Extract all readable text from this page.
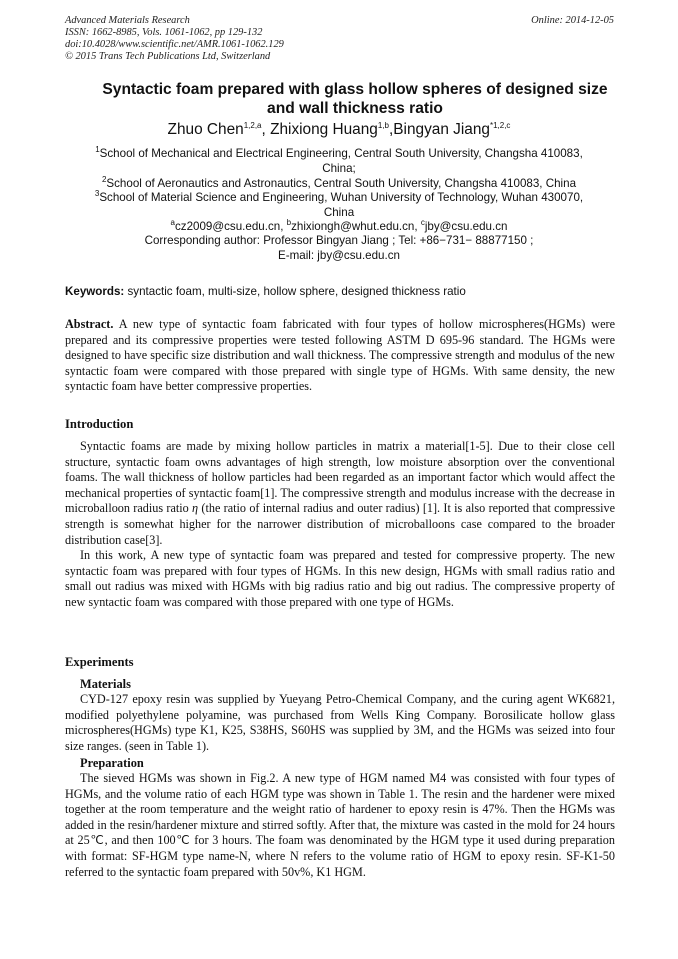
Advanced Materials Research
ISSN: 1662-8985, Vols. 1061-1062, pp 129-132
doi:10.4028/www.scientific.net/AMR.1061-1062.129
© 2015 Trans Tech Publications Ltd, Switzerland
Online: 2014-12-05
Syntactic foam prepared with glass hollow spheres of designed size
and wall thickness ratio
Zhuo Chen$^{1,2,a}$, Zhixiong Huang$^{1,b}$,Bingyan Jiang$^{*1,2,c}$
$^1$School of Mechanical and Electrical Engineering, Central South University, Changsha 410083,
China;
$^2$School of Aeronautics and Astronautics, Central South University, Changsha 410083, China
$^3$School of Material Science and Engineering, Wuhan University of Technology, Wuhan 430070,
China
$^a$cz2009@csu.edu.cn, $^b$zhixiongh@whut.edu.cn, $^c$jby@csu.edu.cn
Corresponding author: Professor Bingyan Jiang ; Tel: +86−731− 88877150 ;
E-mail: jby@csu.edu.cn
Keywords: syntactic foam, multi-size, hollow sphere, designed thickness ratio

Abstract. A new type of syntactic foam fabricated with four types of hollow microspheres(HGMs) were prepared and its compressive properties were tested following ASTM D 695-96 standard. The HGMs were designed to have specific size distribution and wall thickness. The compressive strength and modulus of the new syntactic foam were compared with those prepared with single type of HGMs. With same density, the new syntactic foam have better compressive properties.

Introduction

Syntactic foams are made by mixing hollow particles in matrix a material[1-5]. Due to their close cell structure, syntactic foam owns advantages of high strength, low moisture absorption over the conventional foams. The wall thickness of hollow particles had been regarded as an important factor which would affect the mechanical properties of syntactic foam[1]. The compressive strength and modulus increase with the decrease in microballoon radius ratio η (the ratio of internal radius and outer radius) [1]. It is also reported that compressive strength is somewhat higher for the narrower distribution of microballoons case compared to the broader distribution case[3].

In this work, A new type of syntactic foam was prepared and tested for compressive property. The new syntactic foam was prepared with four types of HGMs. In this new design, HGMs with small radius ratio and small out radius was mixed with HGMs with big radius ratio and big out radius. The compressive property of new syntactic foam was compared with those prepared with one type of HGMs.

Experiments
Materials

CYD-127 epoxy resin was supplied by Yueyang Petro-Chemical Company, and the curing agent WK6821, modified polyethylene polyamine, was purchased from Wells King Company. Borosilicate hollow glass microspheres(HGMs) type K1, K25, S38HS, S60HS was supplied by 3M, and the HGMs was seized into four size ranges. (seen in Table 1).

Preparation

The sieved HGMs was shown in Fig.2. A new type of HGM named M4 was consisted with four types of HGMs, and the volume ratio of each HGM type was shown in Table 1. The resin and the hardener were mixed together at the room temperature and the weight ratio of hardener to epoxy resin is 47%. Then the HGMs was added in the resin/hardener mixture and stirred softly. After that, the mixture was casted in the mold for 24 hours at 25℃, and then 100℃ for 3 hours. The foam was denominated by the HGM type it used during preparation with format: SF-HGM type name-N, where N refers to the volume ratio of HGM to epoxy resin. SF-K1-50 referred to the syntactic foam prepared with 50v%, K1 HGM.
